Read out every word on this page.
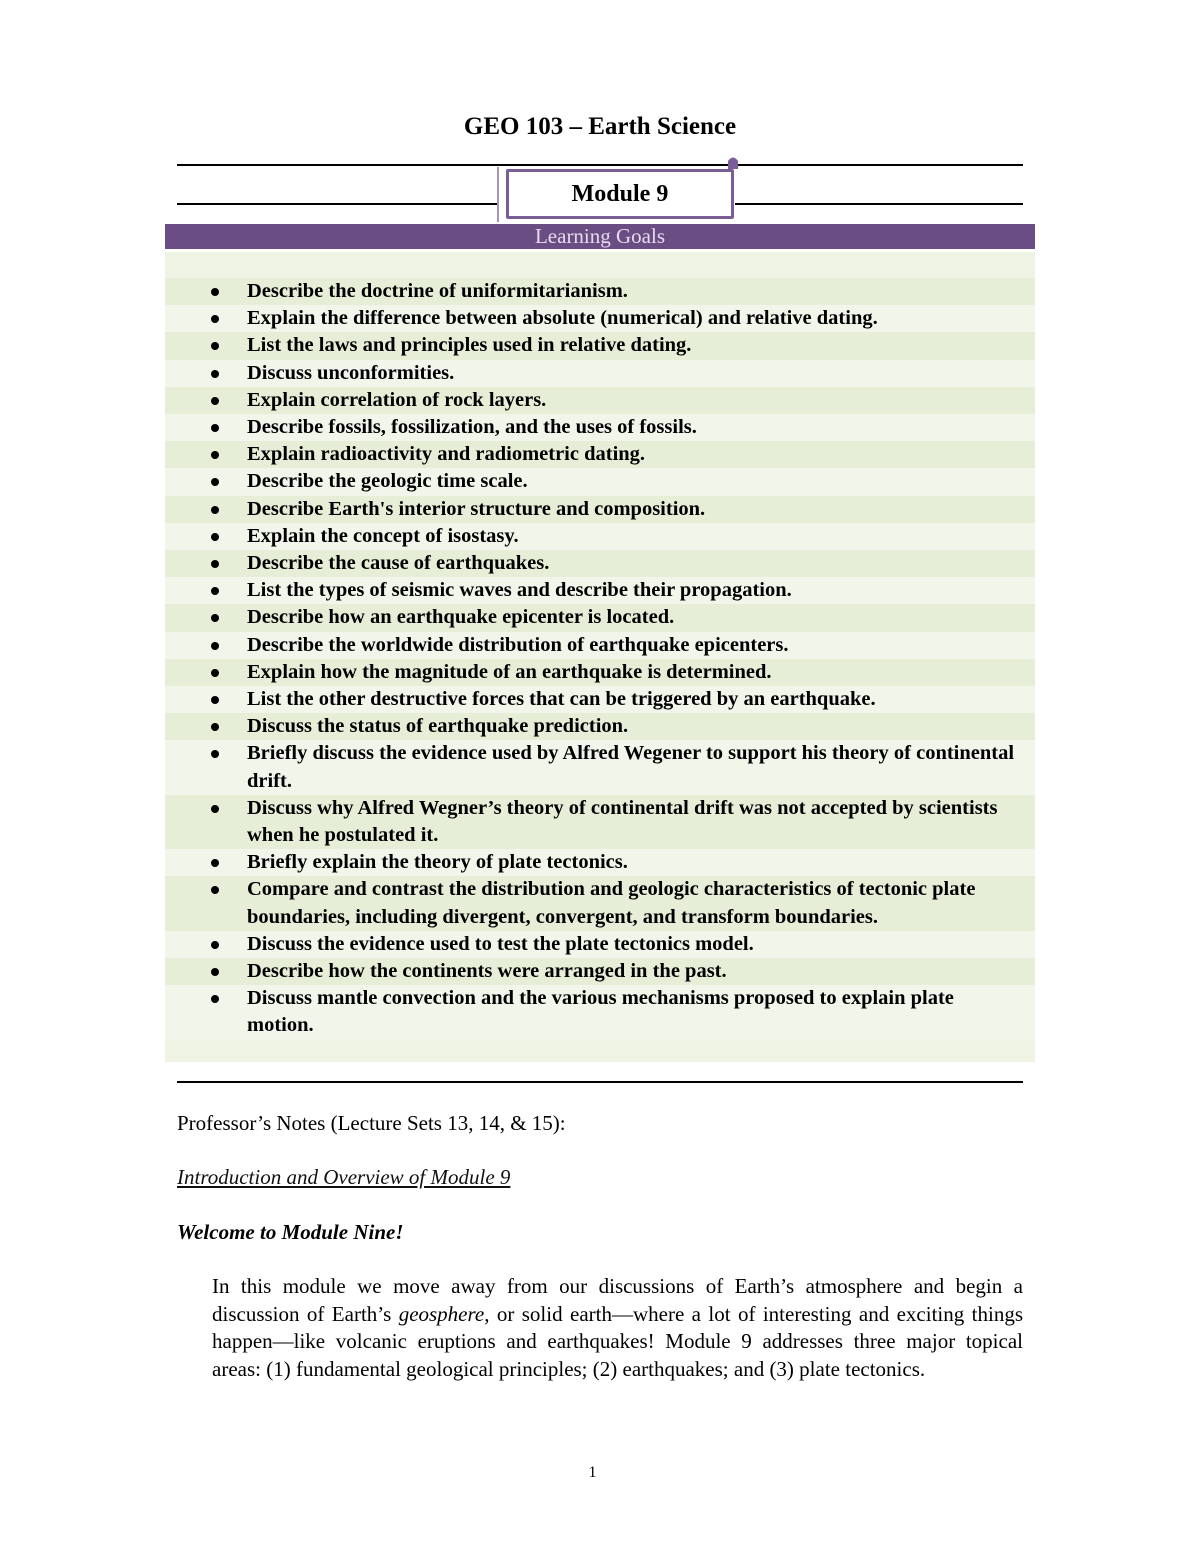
GEO 103 – Earth Science
Module 9
Learning Goals
Describe the doctrine of uniformitarianism.
Explain the difference between absolute (numerical) and relative dating.
List the laws and principles used in relative dating.
Discuss unconformities.
Explain correlation of rock layers.
Describe fossils, fossilization, and the uses of fossils.
Explain radioactivity and radiometric dating.
Describe the geologic time scale.
Describe Earth's interior structure and composition.
Explain the concept of isostasy.
Describe the cause of earthquakes.
List the types of seismic waves and describe their propagation.
Describe how an earthquake epicenter is located.
Describe the worldwide distribution of earthquake epicenters.
Explain how the magnitude of an earthquake is determined.
List the other destructive forces that can be triggered by an earthquake.
Discuss the status of earthquake prediction.
Briefly discuss the evidence used by Alfred Wegener to support his theory of continental drift.
Discuss why Alfred Wegner’s theory of continental drift was not accepted by scientists when he postulated it.
Briefly explain the theory of plate tectonics.
Compare and contrast the distribution and geologic characteristics of tectonic plate boundaries, including divergent, convergent, and transform boundaries.
Discuss the evidence used to test the plate tectonics model.
Describe how the continents were arranged in the past.
Discuss mantle convection and the various mechanisms proposed to explain plate motion.
Professor’s Notes (Lecture Sets 13, 14, & 15):
Introduction and Overview of Module 9
Welcome to Module Nine!

In this module we move away from our discussions of Earth’s atmosphere and begin a discussion of Earth’s geosphere, or solid earth—where a lot of interesting and exciting things happen—like volcanic eruptions and earthquakes! Module 9 addresses three major topical areas: (1) fundamental geological principles; (2) earthquakes; and (3) plate tectonics.

1
